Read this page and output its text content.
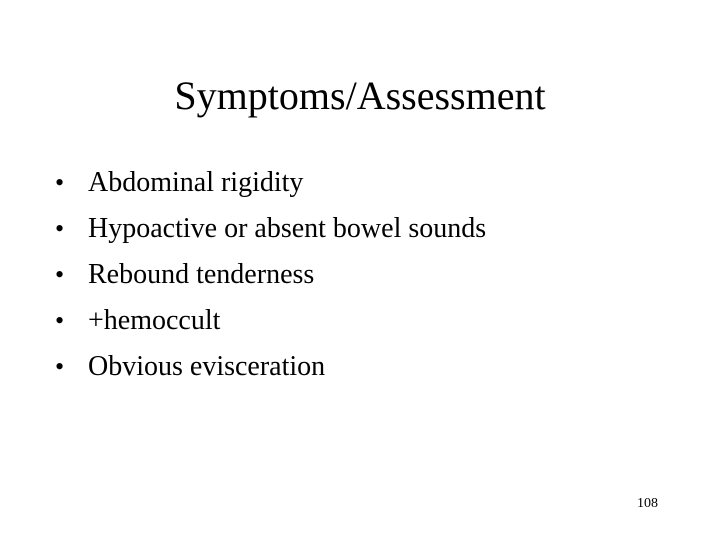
Symptoms/Assessment
• Abdominal rigidity
• Hypoactive or absent bowel sounds
• Rebound tenderness
• +hemoccult
• Obvious evisceration
108
